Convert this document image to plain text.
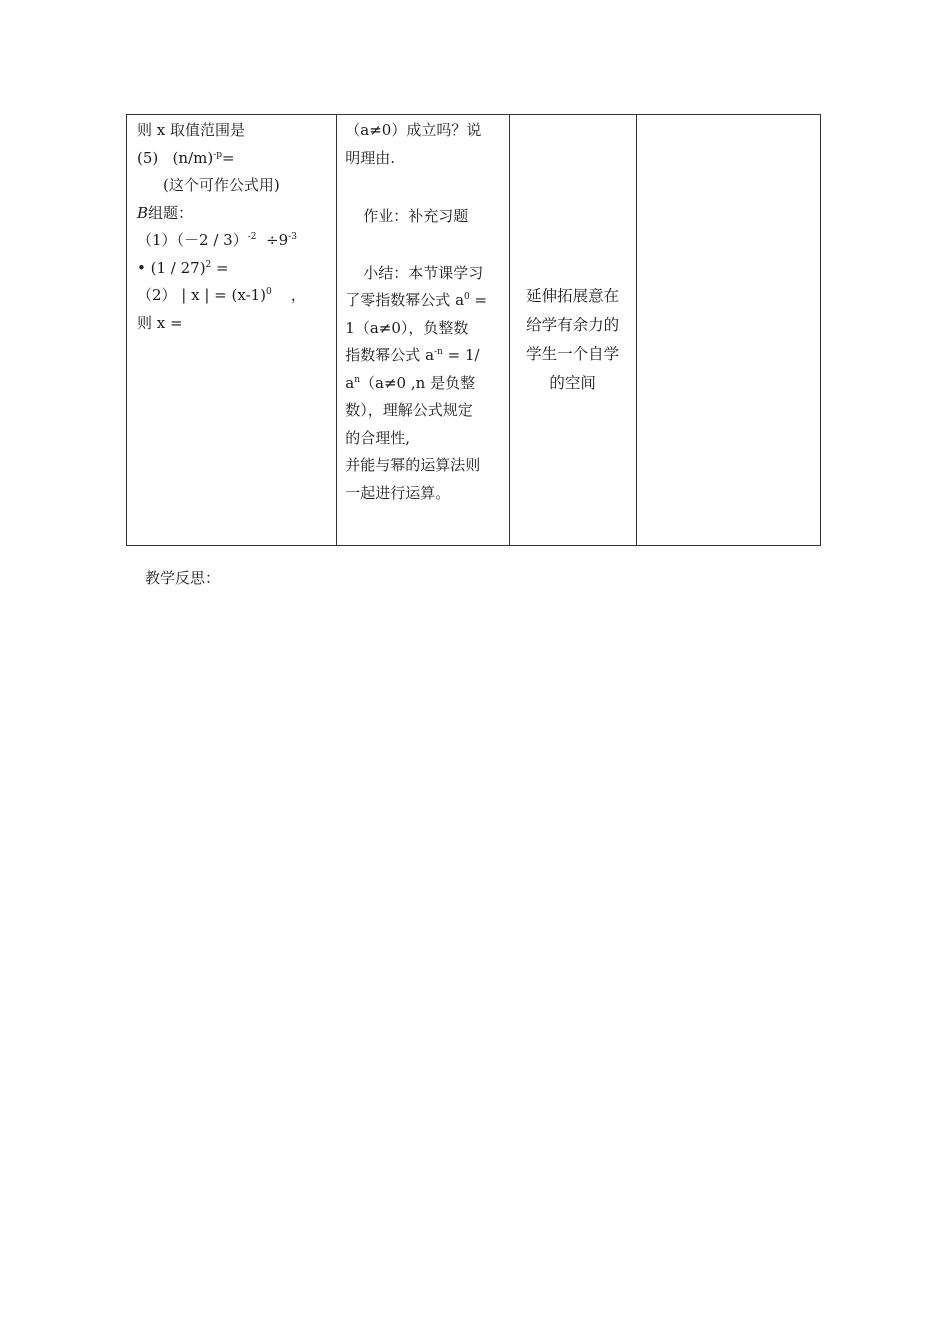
则 x 取值范围是
(5)   $(n/m)^{-p}=$
(这个可作公式用)
B组题：
$(1)(-2 / 3)^{-2} \div 9^{-3}$
• (1 / 27)$^2$ =
（2） | x | = $(x-1)^0$    ，
则 x =

（a≠0）成立吗？说
明理由.
作业：补充习题
小结：本节课学习
了零指数幂公式 $a^0$ =
1（a≠0），负整数
指数幂公式 $a^{-n} = 1/$
$a^n(a\ne 0$ ,n 是负整
数），理解公式规定
的合理性,
并能与幂的运算法则
一起进行运算。

延伸拓展意在
给学有余力的
学生一个自学
的空间

教学反思：
